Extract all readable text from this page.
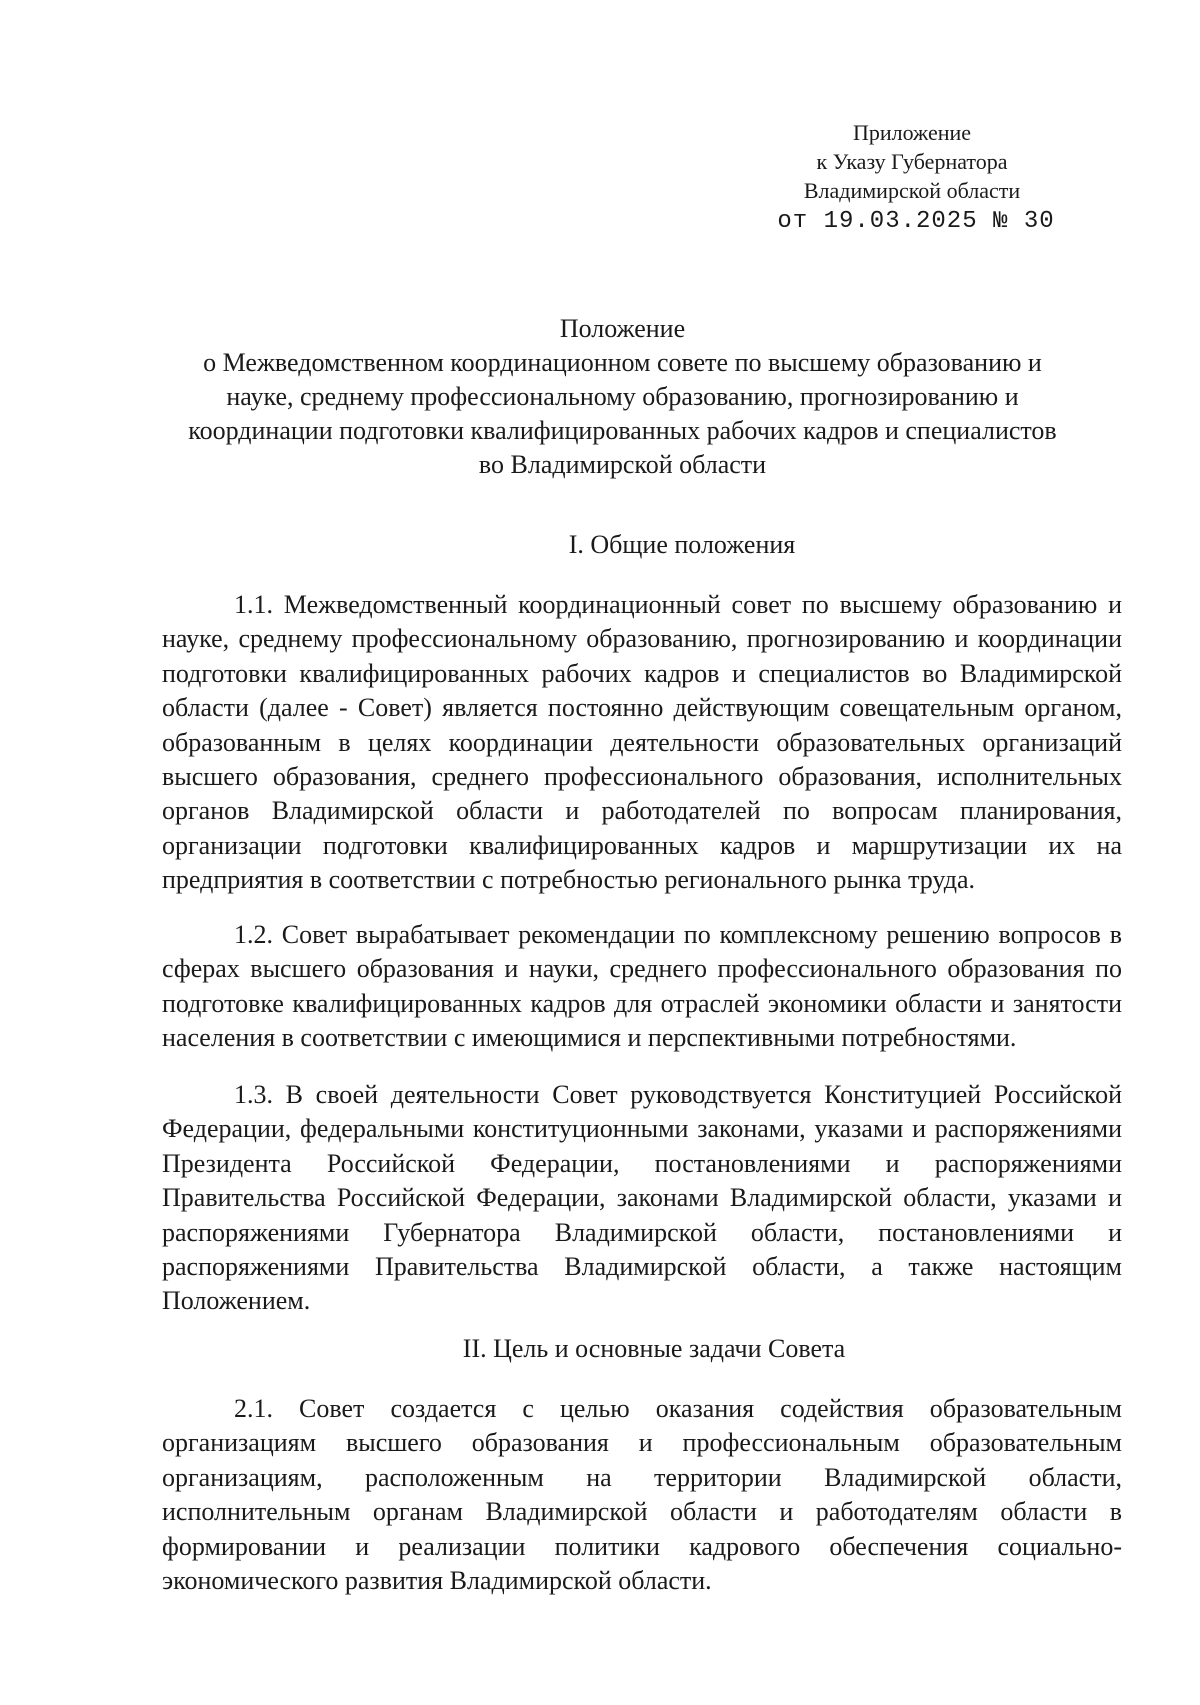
Приложение
к Указу Губернатора
Владимирской области
от 19.03.2025 № 30
Положение
о Межведомственном координационном совете по высшему образованию и
науке, среднему профессиональному образованию, прогнозированию и
координации подготовки квалифицированных рабочих кадров и специалистов
во Владимирской области
I. Общие положения

1.1. Межведомственный координационный совет по высшему образованию и науке, среднему профессиональному образованию, прогнозированию и координации подготовки квалифицированных рабочих кадров и специалистов во Владимирской области (далее - Совет) является постоянно действующим совещательным органом, образованным в целях координации деятельности образовательных организаций высшего образования, среднего профессионального образования, исполнительных органов Владимирской области и работодателей по вопросам планирования, организации подготовки квалифицированных кадров и маршрутизации их на предприятия в соответствии с потребностью регионального рынка труда.

1.2. Совет вырабатывает рекомендации по комплексному решению вопросов в сферах высшего образования и науки, среднего профессионального образования по подготовке квалифицированных кадров для отраслей экономики области и занятости населения в соответствии с имеющимися и перспективными потребностями.

1.3. В своей деятельности Совет руководствуется Конституцией Российской Федерации, федеральными конституционными законами, указами и распоряжениями Президента Российской Федерации, постановлениями и распоряжениями Правительства Российской Федерации, законами Владимирской области, указами и распоряжениями Губернатора Владимирской области, постановлениями и распоряжениями Правительства Владимирской области, а также настоящим Положением.

II. Цель и основные задачи Совета

2.1. Совет создается с целью оказания содействия образовательным организациям высшего образования и профессиональным образовательным организациям, расположенным на территории Владимирской области, исполнительным органам Владимирской области и работодателям области в формировании и реализации политики кадрового обеспечения социально-экономического развития Владимирской области.
